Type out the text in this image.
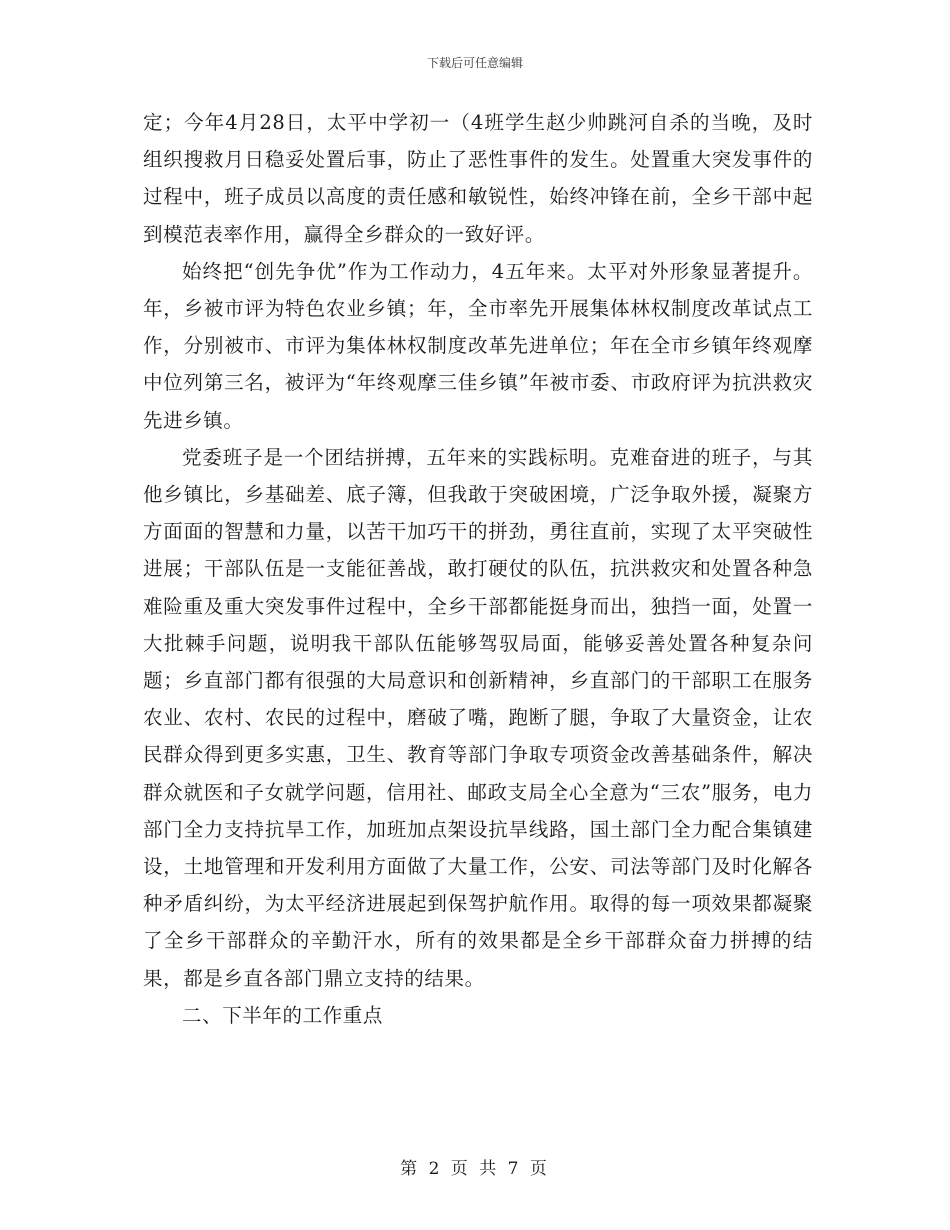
下载后可任意编辑

定；今年4月28日，太平中学初一（4班学生赵少帅跳河自杀的当晚，及时组织搜救月日稳妥处置后事，防止了恶性事件的发生。处置重大突发事件的过程中，班子成员以高度的责任感和敏锐性，始终冲锋在前，全乡干部中起到模范表率作用，赢得全乡群众的一致好评。

始终把“创先争优”作为工作动力，4五年来。太平对外形象显著提升。年，乡被市评为特色农业乡镇；年，全市率先开展集体林权制度改革试点工作，分别被市、市评为集体林权制度改革先进单位；年在全市乡镇年终观摩中位列第三名，被评为“年终观摩三佳乡镇”年被市委、市政府评为抗洪救灾先进乡镇。

党委班子是一个团结拼搏，五年来的实践标明。克难奋进的班子，与其他乡镇比，乡基础差、底子簿，但我敢于突破困境，广泛争取外援，凝聚方方面面的智慧和力量，以苦干加巧干的拼劲，勇往直前，实现了太平突破性进展；干部队伍是一支能征善战，敢打硬仗的队伍，抗洪救灾和处置各种急难险重及重大突发事件过程中，全乡干部都能挺身而出，独挡一面，处置一大批棘手问题，说明我干部队伍能够驾驭局面，能够妥善处置各种复杂问题；乡直部门都有很强的大局意识和创新精神，乡直部门的干部职工在服务农业、农村、农民的过程中，磨破了嘴，跑断了腿，争取了大量资金，让农民群众得到更多实惠，卫生、教育等部门争取专项资金改善基础条件，解决群众就医和子女就学问题，信用社、邮政支局全心全意为“三农”服务，电力部门全力支持抗旱工作，加班加点架设抗旱线路，国土部门全力配合集镇建设，土地管理和开发利用方面做了大量工作，公安、司法等部门及时化解各种矛盾纠纷，为太平经济进展起到保驾护航作用。取得的每一项效果都凝聚了全乡干部群众的辛勤汗水，所有的效果都是全乡干部群众奋力拼搏的结果，都是乡直各部门鼎立支持的结果。

二、下半年的工作重点

第 2 页 共 7 页
